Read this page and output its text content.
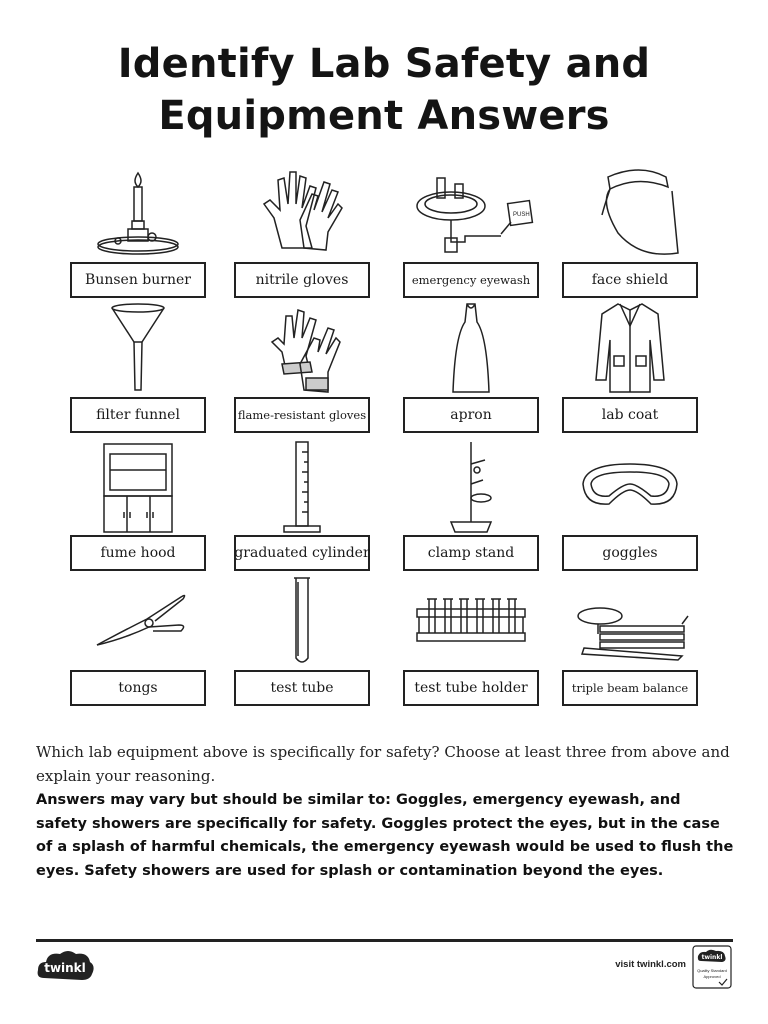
Identify Lab Safety and
Equipment Answers
Bunsen burner	nitrile gloves
PUSH
emergency eyewash	face shield
filter funnel	flame-resistant gloves	apron	lab coat
fume hood	graduated cylinder	clamp stand	goggles
tongs	test tube	test tube holder	triple beam balance
Which lab equipment above is specifically for safety? Choose at least three from above and explain your reasoning.
Answers may vary but should be similar to: Goggles, emergency eyewash, and safety showers are specifically for safety. Goggles protect the eyes, but in the case of a splash of harmful chemicals, the emergency eyewash would be used to flush the eyes. Safety showers are used for splash or contamination beyond the eyes.
twinkl	visit twinkl.com
twinkl
Quality Standard
Approved
